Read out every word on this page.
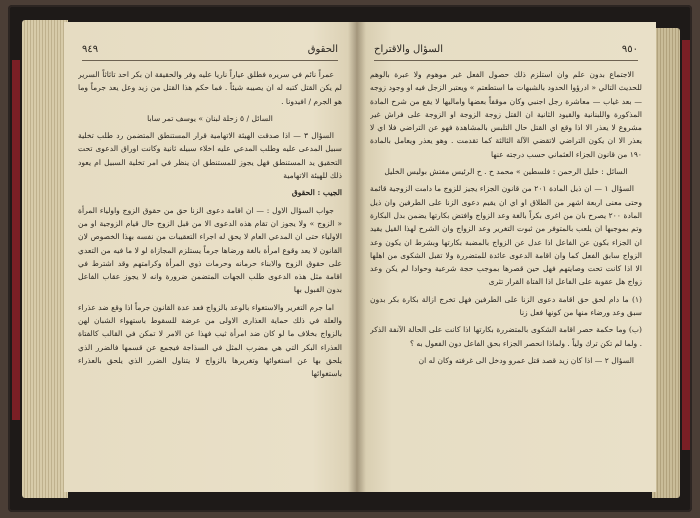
الحقوق
٩٤٩

عمراً نائم في سريره فطلق عياراً ناريا عليه وفر والحقيقة ان بكر احد تاثاثاً السرير لم يكن القتل كتبه له ان يصيبه شيئاً . فما حكم هذا القتل من زيد وعل يعد جرماً وما هو الجرم / افيدونا .

السائل / ٥ زحلة لبنان » يوسف تمر سابا

السؤال ٣ — اذا صدقت الهيئة الاتهامية قرار المستنطق المتضمن رد طلب تخلية سبيل المدعى عليه وطلب المدعي عليه اخلاء سبيله ثانية وكانت اوراق الدعوى تحت التحقيق يد المستنطق فهل يجوز للمستنطق ان ينظر في امر تخلية السبيل ام يعود ذلك للهيئة الاتهامية

الجيب : الحقوق

جواب السؤال الاول : — ان اقامة دعوى الزنا حق من حقوق الزوج واولياء المرأة « الزوج » ولا يجوز ان تقام هذه الدعوى الا من قبل الزوج حال قيام الزوجية او من الاولياء حتى ان المدعي العام لا يحق له اجراء التعقيبات من نفسه بهذا الخصوص لان القانون لا يعد وقوع امرأة بالغة ورضاها جرماً يستلزم المجازاة لو لا ما فيه من التعدي على حقوق الزوج والابناء حرمانه وحرمات ذوي المرأة وكرامتهم وقد اشترط في اقامة مثل هذه الدعوى طلب الجهات المتضمن ضرورة وانه لا يجوز عقاب الفاعل بدون القبول بها

اما جرم التغرير والاستغواء بالوعد بالزواج فعد عدة القانون جرماً اذا وقع ضد عذراء والعلة في ذلك حماية العذارى الاولى من عرضة للسقوط باستهواء الشبان لهن بالزواج بخلاف ما لو كان ضد امرأة ثيب فهذا عن الامر لا تمكن في القالب كالفتاة العذراء البكر التي هي مضرب المثل في السذاجة فيجمع عن قسمها فالضرر الذي يلحق بها عن استغوائها وتغريرها بالزواج لا يتناول الضرر الذي يلحق بالعذراء باستغوائها

٩٥٠
السؤال والاقتراح

الاجتماع بدون علم وان استلزم ذلك حصول الفعل غير موهوم ولا عبرة بالوهم للحديث التالي « ادرؤوا الحدود بالشبهات ما استطعتم » ويعتبر الزجل فيه او وجود زوجه — بعد غياب — معاشرة رجل اجنبي وكان موقفاً بعضها واماليها لا يقع من شرح المادة المذكورة واللبنانية والقيود الثانية ان القتل زوجة الزوجة او الزوجة على فراش غير مشروع لا يعذر الا اذا وقع اي القتل حال التلبس بالمشاهدة فهو عن التراضي فلا اي لا يعذر الا ان يكون التراضي لاتقضي الآلة الثالثة كما تقدمت . وهو يعذر ويعامل بالمادة ١٩٠ من قانون الجزاء العثماني حسب درجته عنها

السائل : خليل الرحمن : فلسطين » محمد ح . ح الرئيس مفتش بوليس الخليل

السؤال ١ — ان ذيل المادة ٢٠١ من قانون الجزاء يجيز للزوج ما دامت الزوجية قائمة وحتى معنى اربعة اشهر من الطلاق او اي ان يقيم دعوى الزنا على الطرفين وان ذيل المادة ٢٠٠ يصرح بان من اغرى بكراً بالغة وعد الزواج وافتض بكارتها يضمن بدل البكارة وتم بموجبها ان يلعب بالمتوفر من ثبوت التغرير وعد الزواج وان الشرح لهذا القيل يقيد ان الجزاء بكون عن الفاعل اذا عدل عن الزواج بالمضبة بكارتها وبشرط ان يكون وعد الزواج سابق الفعل كما وان اقامة الدعوى عائدة للمتضررة ولا تقبل الشكوى من اهلها الا اذا كانت تحت وصايتهم فهل حين قصرها بموجب حجة شرعية وحوادا لم يكن وعد زواج هل عقوبة على الفاعل اذا الفتاة القرار تثرى

(١) ما دام لحق حق اقامة دعوى الزنا على الطرفين فهل تخرج ازالة بكارة بكر بدون سبق وعد ورضاء منها من كونها فعل زنا

(ب) وما حكمة حصر اقامة الشكوى بالمتضررة بكارتها اذا كانت على الحالة الآنفة الذكر . ولما لم تكن ترك ولياً . ولماذا انحصر الجزاء بحق الفاعل دون الفعول به ؟

السؤال ٢ — اذا كان زيد قصد قتل عمرو ودخل الى غرفته وكان له ان
